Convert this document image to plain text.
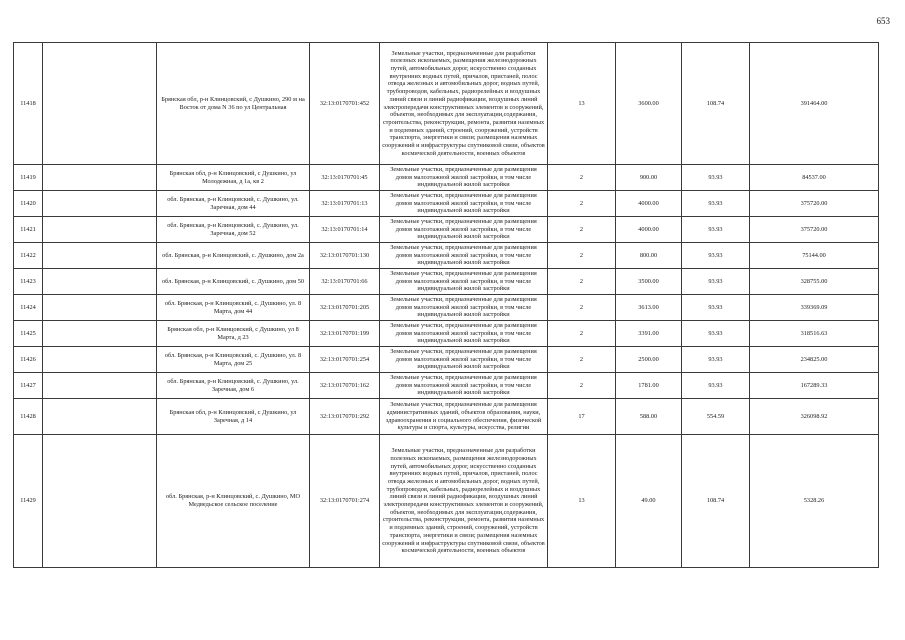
653
11418		Брянская обл, р-н Клинцовский, с Душкино, 290 м на Восток от дома N 36 по ул Центральная	32:13:0170701:452	Земельные участки, предназначенные для разработки полезных ископаемых, размещения железнодорожных путей, автомобильных дорог, искусственно созданных внутренних водных путей, причалов, пристаней, полос отвода железных и автомобильных дорог, водных путей, трубопроводов, кабельных, радиорелейных и воздушных линий связи и линий радиофикации, воздушных линий электропередачи конструктивных элементов и сооружений, объектов, необходимых для эксплуатации,содержания, строительства, реконструкции, ремонта, развития наземных и подземных зданий, строений, сооружений, устройств транспорта, энергетики и связи; размещения наземных сооружений и инфраструктуры спутниковой связи, объектов космической деятельности, военных объектов	13	3600.00	108.74	391464.00
11419		Брянская обл, р-н Клинцовский, с Душкино, ул Молодежная, д 1а, кв 2	32:13:0170701:45	Земельные участки, предназначенные для размещения домов малоэтажной жилой застройки, в том числе индивидуальной жилой застройки	2	900.00	93.93	84537.00
11420		обл. Брянская, р-н Клинцовский, с. Душкино, ул. Заречная, дом 44	32:13:0170701:13	Земельные участки, предназначенные для размещения домов малоэтажной жилой застройки, в том числе индивидуальной жилой застройки	2	4000.00	93.93	375720.00
11421		обл. Брянская, р-н Клинцовский, с. Душкино, ул. Заречная, дом 52	32:13:0170701:14	Земельные участки, предназначенные для размещения домов малоэтажной жилой застройки, в том числе индивидуальной жилой застройки	2	4000.00	93.93	375720.00
11422		обл. Брянская, р-н Клинцовский, с. Душкино, дом 2а	32:13:0170701:130	Земельные участки, предназначенные для размещения домов малоэтажной жилой застройки, в том числе индивидуальной жилой застройки	2	800.00	93.93	75144.00
11423		обл. Брянская, р-н Клинцовский, с. Душкино, дом 50	32:13:0170701:66	Земельные участки, предназначенные для размещения домов малоэтажной жилой застройки, в том числе индивидуальной жилой застройки	2	3500.00	93.93	328755.00
11424		обл. Брянская, р-н Клинцовский, с. Душкино, ул. 8 Марта, дом 44	32:13:0170701:205	Земельные участки, предназначенные для размещения домов малоэтажной жилой застройки, в том числе индивидуальной жилой застройки	2	3613.00	93.93	339369.09
11425		Брянская обл, р-н Клинцовский, с Душкино, ул 8 Марта, д 23	32:13:0170701:199	Земельные участки, предназначенные для размещения домов малоэтажной жилой застройки, в том числе индивидуальной жилой застройки	2	3391.00	93.93	318516.63
11426		обл. Брянская, р-н Клинцовский, с. Душкино, ул. 8 Марта, дом 25	32:13:0170701:254	Земельные участки, предназначенные для размещения домов малоэтажной жилой застройки, в том числе индивидуальной жилой застройки	2	2500.00	93.93	234825.00
11427		обл. Брянская, р-н Клинцовский, с. Душкино, ул. Заречная, дом 6	32:13:0170701:162	Земельные участки, предназначенные для размещения домов малоэтажной жилой застройки, в том числе индивидуальной жилой застройки	2	1781.00	93.93	167289.33
11428		Брянская обл, р-н Клинцовский, с Душкино, ул Заречная, д 14	32:13:0170701:292	Земельные участки, предназначенные для размещения административных зданий, объектов образования, науки, здравоохранения и социального обеспечения, физической культуры и спорта, культуры, искусства, религии	17	588.00	554.59	326098.92
11429		обл. Брянская, р-н Клинцовский, с. Душкино, МО Медведьское сельское поселение	32:13:0170701:274	Земельные участки, предназначенные для разработки полезных ископаемых, размещения железнодорожных путей, автомобильных дорог, искусственно созданных внутренних водных путей, причалов, пристаней, полос отвода железных и автомобильных дорог, водных путей, трубопроводов, кабельных, радиорелейных и воздушных линий связи и линий радиофикации, воздушных линий электропередачи конструктивных элементов и сооружений, объектов, необходимых для эксплуатации,содержания, строительства, реконструкции, ремонта, развития наземных и подземных зданий, строений, сооружений, устройств транспорта, энергетики и связи; размещения наземных сооружений и инфраструктуры спутниковой связи, объектов космической деятельности, военных объектов	13	49.00	108.74	5328.26
